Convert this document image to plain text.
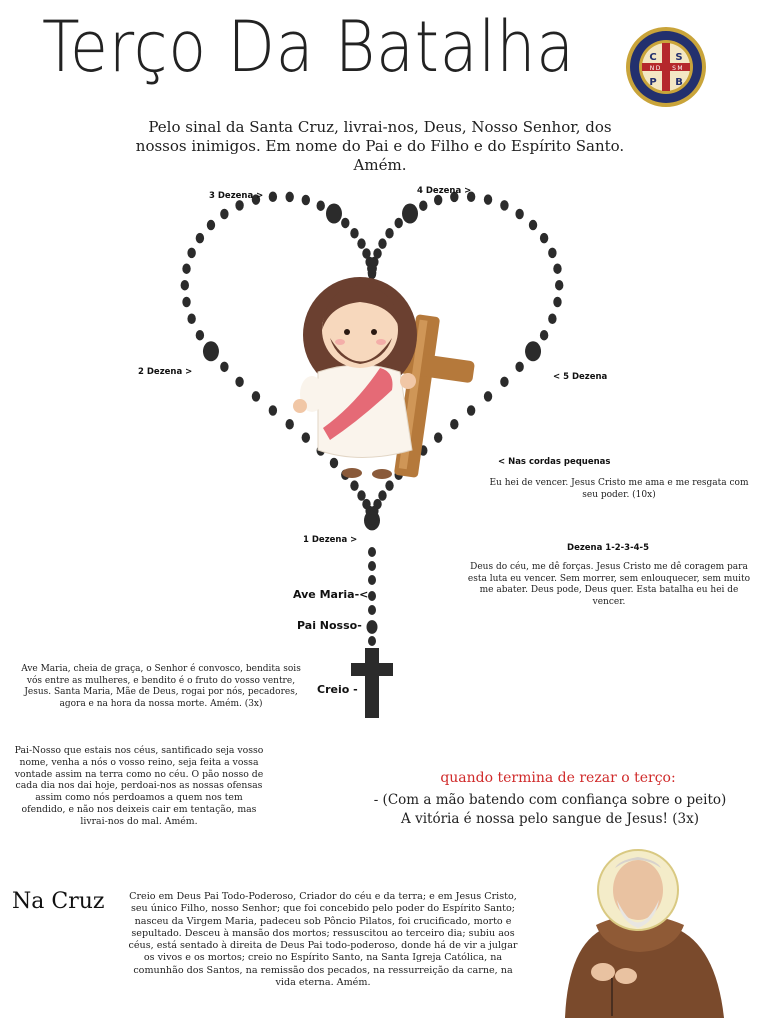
Terço Da Batalha	C S
N D S M
P B
Pelo sinal da Santa Cruz, livrai-nos, Deus, Nosso Senhor, dos nossos inimigos. Em nome do Pai e do Filho e do Espírito Santo. Amém.
3 Dezena >	4 Dezena >
2 Dezena >	< 5 Dezena
1 Dezena >
Ave Maria-<
Pai Nosso-
Creio -
< Nas cordas pequenas
Eu hei de vencer. Jesus Cristo me ama e me resgata com seu poder. (10x)
Dezena 1-2-3-4-5
Deus do céu, me dê forças. Jesus Cristo me dê coragem para esta luta eu vencer. Sem morrer, sem enlouquecer, sem muito me abater. Deus pode, Deus quer. Esta batalha eu hei de vencer.
Ave Maria, cheia de graça, o Senhor é convosco, bendita sois vós entre as mulheres, e bendito é o fruto do vosso ventre, Jesus. Santa Maria, Mãe de Deus, rogai por nós, pecadores, agora e na hora da nossa morte. Amém. (3x)
Pai-Nosso que estais nos céus, santificado seja vosso nome, venha a nós o vosso reino, seja feita a vossa vontade assim na terra como no céu. O pão nosso de cada dia nos dai hoje, perdoai-nos as nossas ofensas assim como nós perdoamos a quem nos tem ofendido, e não nos deixeis cair em tentação, mas livrai-nos do mal. Amém.
quando termina de rezar o terço:
- (Com a mão batendo com confiança sobre o peito)
A vitória é nossa pelo sangue de Jesus! (3x)
Na Cruz	Creio em Deus Pai Todo-Poderoso, Criador do céu e da terra; e em Jesus Cristo, seu único Filho, nosso Senhor; que foi concebido pelo poder do Espírito Santo; nasceu da Virgem Maria, padeceu sob Pôncio Pilatos, foi crucificado, morto e sepultado. Desceu à mansão dos mortos; ressuscitou ao terceiro dia; subiu aos céus, está sentado à direita de Deus Pai todo-poderoso, donde há de vir a julgar os vivos e os mortos; creio no Espírito Santo, na Santa Igreja Católica, na comunhão dos Santos, na remissão dos pecados, na ressurreição da carne, na vida eterna. Amém.
